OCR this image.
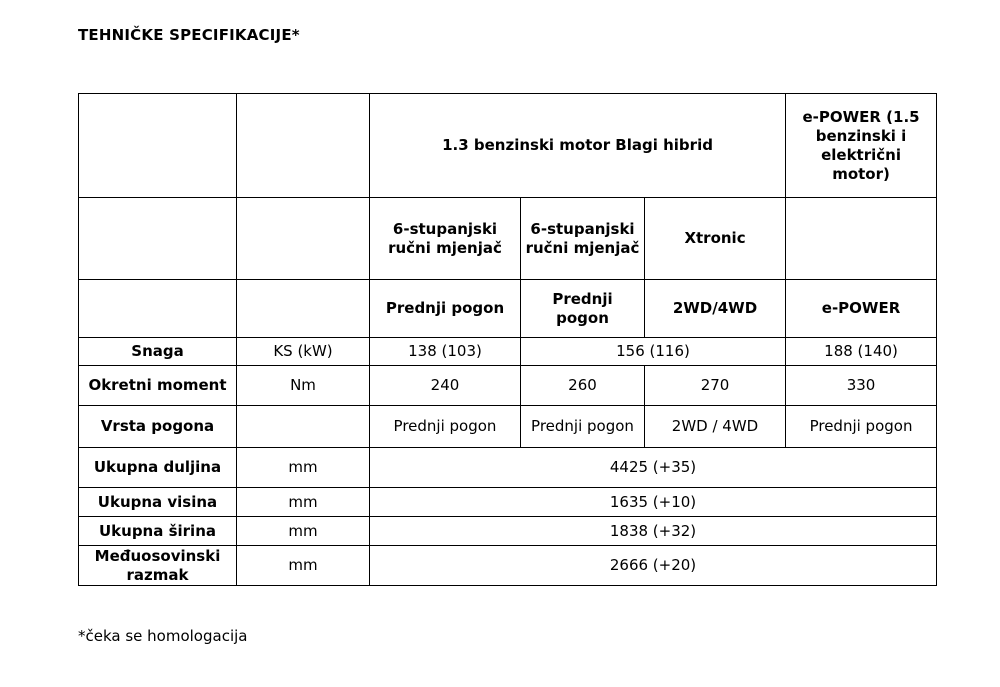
TEHNIČKE SPECIFIKACIJE*
		1.3 benzinski motor Blagi hibrid			e-POWER (1.5 benzinski i električni motor)
		6-stupanjski ručni mjenjač	6-stupanjski ručni mjenjač	Xtronic	
		Prednji pogon	Prednji pogon	2WD/4WD	e-POWER
Snaga	KS (kW)	138 (103)	156 (116)		188 (140)
Okretni moment	Nm	240	260	270	330
Vrsta pogona		Prednji pogon	Prednji pogon	2WD / 4WD	Prednji pogon
Ukupna duljina	mm	4425 (+35)			
Ukupna visina	mm	1635 (+10)			
Ukupna širina	mm	1838 (+32)			
Međuosovinski razmak	mm	2666 (+20)			
*čeka se homologacija
